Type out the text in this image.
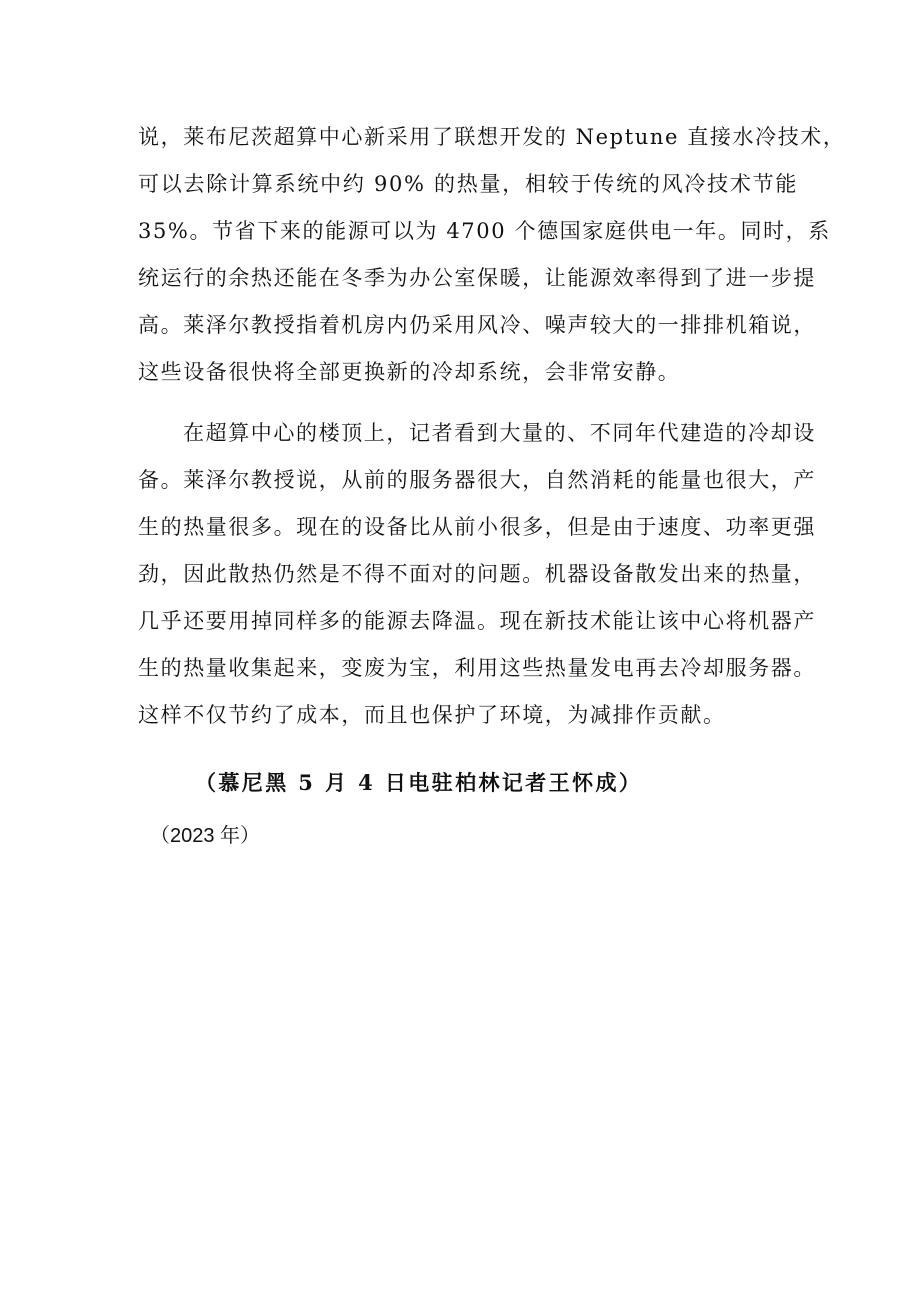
说，莱布尼茨超算中心新采用了联想开发的 Neptune 直接水冷技术，
可以去除计算系统中约 90% 的热量，相较于传统的风冷技术节能
35%。节省下来的能源可以为 4700 个德国家庭供电一年。同时，系
统运行的余热还能在冬季为办公室保暖，让能源效率得到了进一步提
高。莱泽尔教授指着机房内仍采用风冷、噪声较大的一排排机箱说，
这些设备很快将全部更换新的冷却系统，会非常安静。
在超算中心的楼顶上，记者看到大量的、不同年代建造的冷却设
备。莱泽尔教授说，从前的服务器很大，自然消耗的能量也很大，产
生的热量很多。现在的设备比从前小很多，但是由于速度、功率更强
劲，因此散热仍然是不得不面对的问题。机器设备散发出来的热量，
几乎还要用掉同样多的能源去降温。现在新技术能让该中心将机器产
生的热量收集起来，变废为宝，利用这些热量发电再去冷却服务器。
这样不仅节约了成本，而且也保护了环境，为减排作贡献。
（慕尼黑 5 月 4 日电驻柏林记者王怀成）
（2023 年）
